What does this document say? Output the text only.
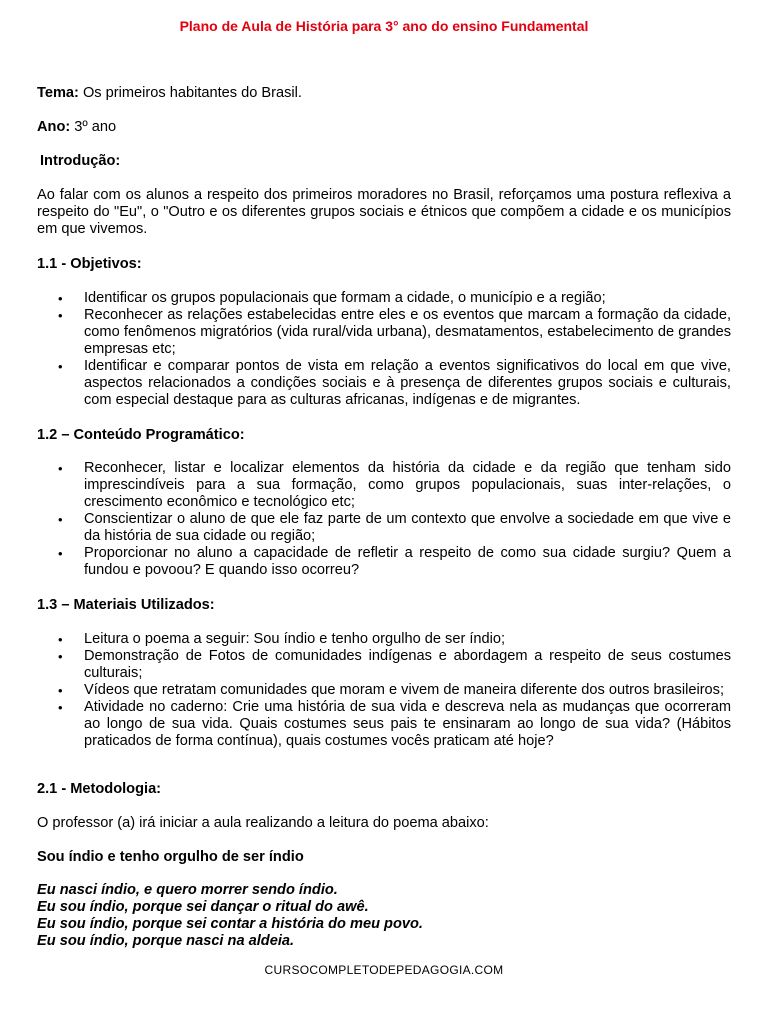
Plano de Aula de História para 3° ano do ensino Fundamental
Tema: Os primeiros habitantes do Brasil.
Ano: 3º ano
Introdução:
Ao falar com os alunos a respeito dos primeiros moradores no Brasil, reforçamos uma postura reflexiva a respeito do "Eu", o "Outro e os diferentes grupos sociais e étnicos que compõem a cidade e os municípios em que vivemos.
1.1 - Objetivos:
• Identificar os grupos populacionais que formam a cidade, o município e a região;
• Reconhecer as relações estabelecidas entre eles e os eventos que marcam a formação da cidade, como fenômenos migratórios (vida rural/vida urbana), desmatamentos, estabelecimento de grandes empresas etc;
• Identificar e comparar pontos de vista em relação a eventos significativos do local em que vive, aspectos relacionados a condições sociais e à presença de diferentes grupos sociais e culturais, com especial destaque para as culturas africanas, indígenas e de migrantes.
1.2 – Conteúdo Programático:
• Reconhecer, listar e localizar elementos da história da cidade e da região que tenham sido imprescindíveis para a sua formação, como grupos populacionais, suas inter-relações, o crescimento econômico e tecnológico etc;
• Conscientizar o aluno de que ele faz parte de um contexto que envolve a sociedade em que vive e da história de sua cidade ou região;
• Proporcionar no aluno a capacidade de refletir a respeito de como sua cidade surgiu? Quem a fundou e povoou? E quando isso ocorreu?
1.3 – Materiais Utilizados:
• Leitura o poema a seguir: Sou índio e tenho orgulho de ser índio;
• Demonstração de Fotos de comunidades indígenas e abordagem a respeito de seus costumes culturais;
• Vídeos que retratam comunidades que moram e vivem de maneira diferente dos outros brasileiros;
• Atividade no caderno: Crie uma história de sua vida e descreva nela as mudanças que ocorreram ao longo de sua vida. Quais costumes seus pais te ensinaram ao longo de sua vida? (Hábitos praticados de forma contínua), quais costumes vocês praticam até hoje?
2.1 - Metodologia:
O professor (a) irá iniciar a aula realizando a leitura do poema abaixo:
Sou índio e tenho orgulho de ser índio
Eu nasci índio, e quero morrer sendo índio.
Eu sou índio, porque sei dançar o ritual do awê.
Eu sou índio, porque sei contar a história do meu povo.
Eu sou índio, porque nasci na aldeia.
CURSOCOMPLETODEPEDAGOGIA.COM
